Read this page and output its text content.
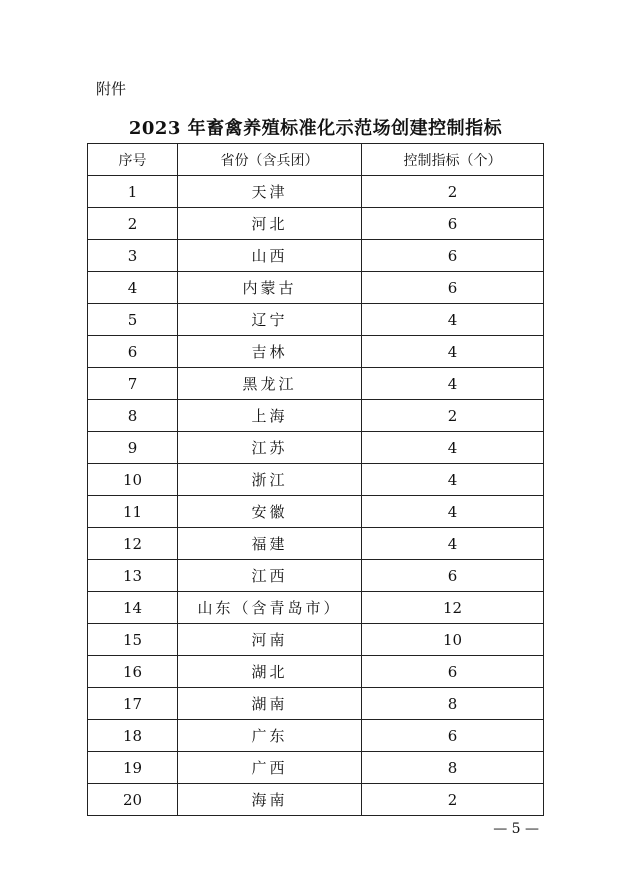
附件
2023 年畜禽养殖标准化示范场创建控制指标
序号	省份（含兵团）	控制指标（个）
1	天津	2
2	河北	6
3	山西	6
4	内蒙古	6
5	辽宁	4
6	吉林	4
7	黑龙江	4
8	上海	2
9	江苏	4
10	浙江	4
11	安徽	4
12	福建	4
13	江西	6
14	山东（含青岛市）	12
15	河南	10
16	湖北	6
17	湖南	8
18	广东	6
19	广西	8
20	海南	2
— 5 —
